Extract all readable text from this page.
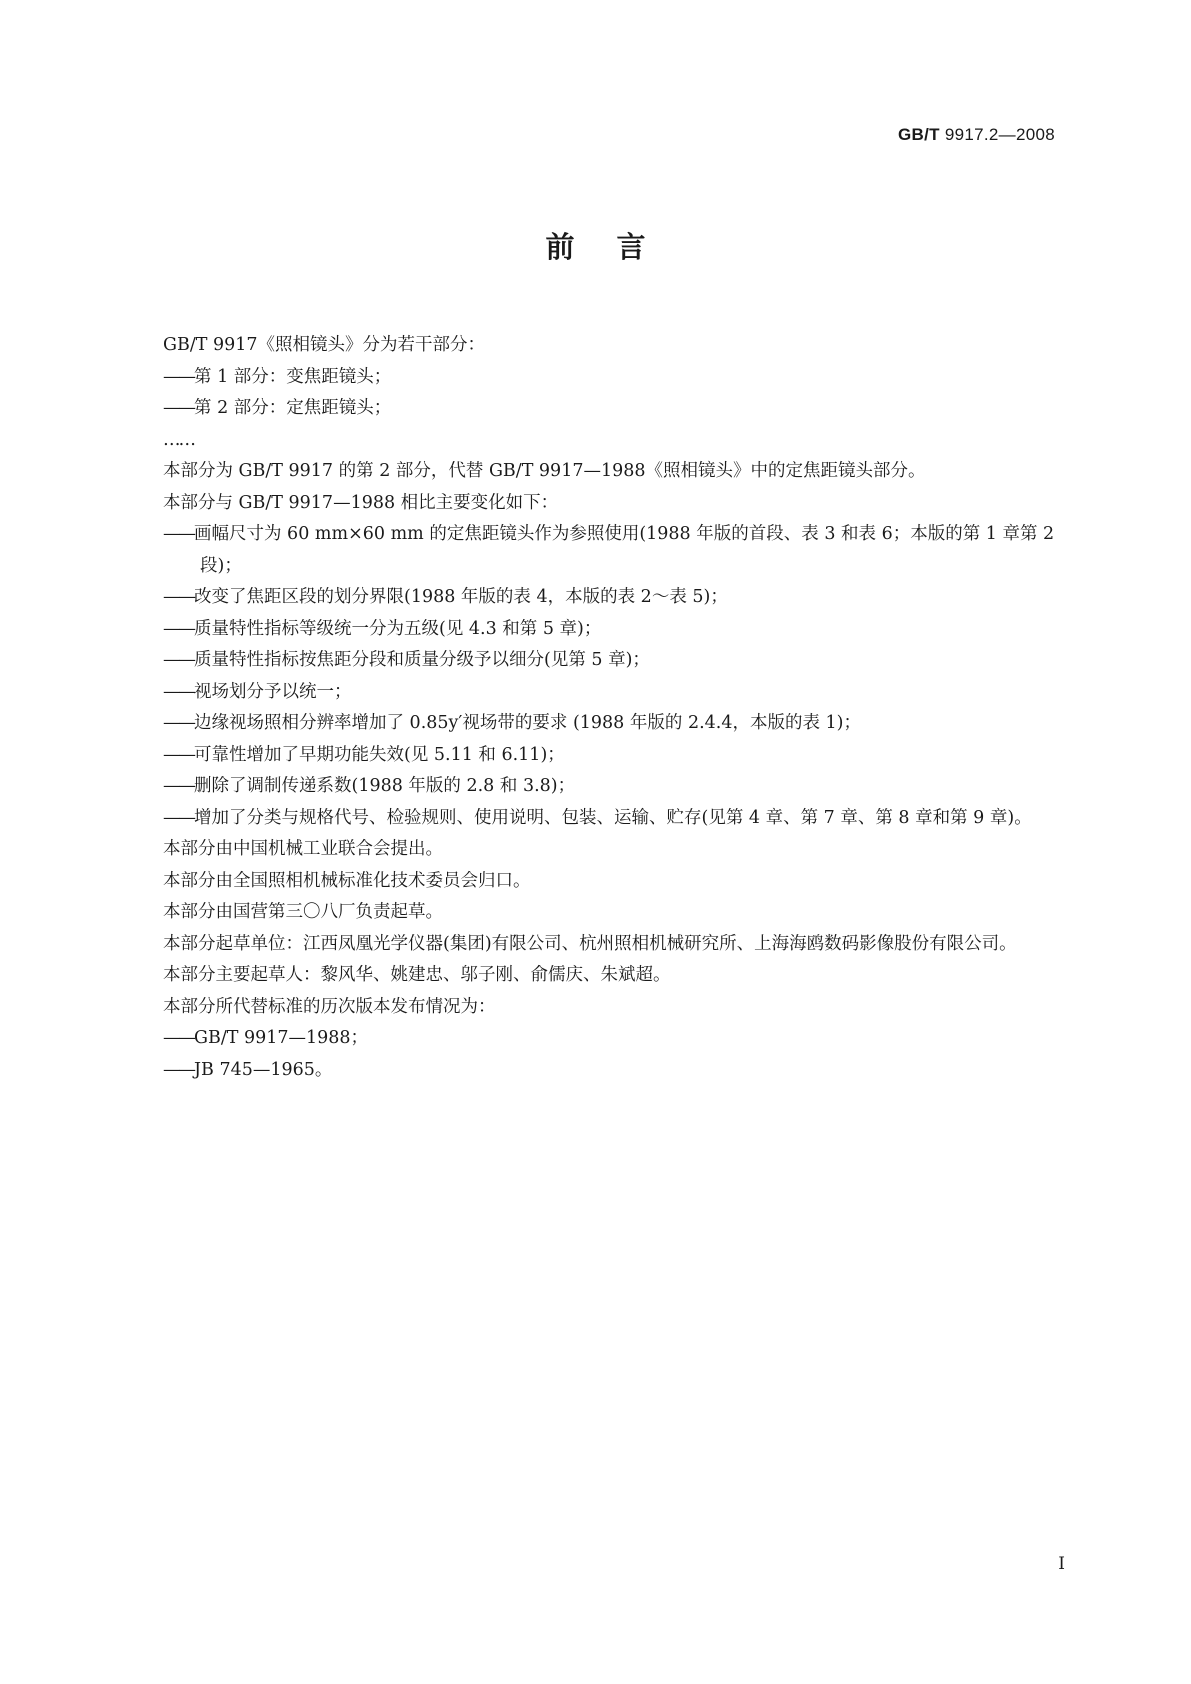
GB/T 9917.2—2008
前言

GB/T 9917《照相镜头》分为若干部分：

——第 1 部分：变焦距镜头；

——第 2 部分：定焦距镜头；

……

本部分为 GB/T 9917 的第 2 部分，代替 GB/T 9917—1988《照相镜头》中的定焦距镜头部分。

本部分与 GB/T 9917—1988 相比主要变化如下：

——画幅尺寸为 60 mm×60 mm 的定焦距镜头作为参照使用(1988 年版的首段、表 3 和表 6；本版的第 1 章第 2 段)；

——改变了焦距区段的划分界限(1988 年版的表 4，本版的表 2～表 5)；

——质量特性指标等级统一分为五级(见 4.3 和第 5 章)；

——质量特性指标按焦距分段和质量分级予以细分(见第 5 章)；

——视场划分予以统一；

——边缘视场照相分辨率增加了 0.85y′视场带的要求 (1988 年版的 2.4.4，本版的表 1)；

——可靠性增加了早期功能失效(见 5.11 和 6.11)；

——删除了调制传递系数(1988 年版的 2.8 和 3.8)；

——增加了分类与规格代号、检验规则、使用说明、包装、运输、贮存(见第 4 章、第 7 章、第 8 章和第 9 章)。

本部分由中国机械工业联合会提出。

本部分由全国照相机械标准化技术委员会归口。

本部分由国营第三〇八厂负责起草。

本部分起草单位：江西凤凰光学仪器(集团)有限公司、杭州照相机械研究所、上海海鸥数码影像股份有限公司。

本部分主要起草人：黎风华、姚建忠、邬子刚、俞儒庆、朱斌超。

本部分所代替标准的历次版本发布情况为：

——GB/T 9917—1988；

——JB 745—1965。

I
